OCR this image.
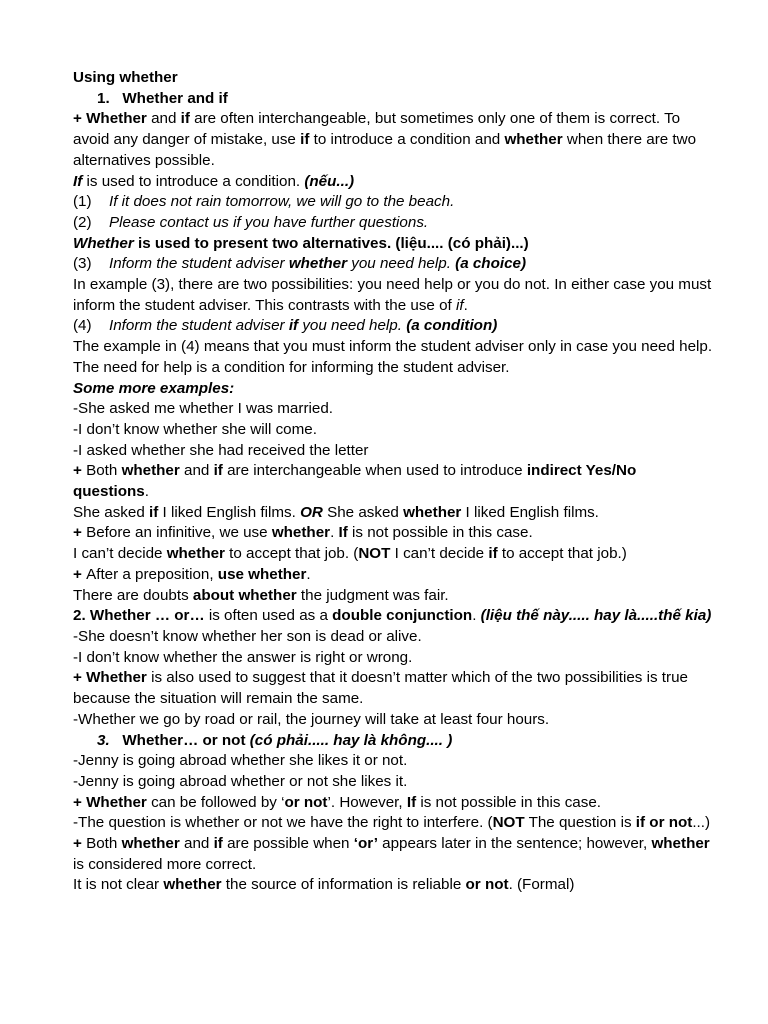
Using whether
1. Whether and if
+ Whether and if are often interchangeable, but sometimes only one of them is correct. To avoid any danger of mistake, use if to introduce a condition and whether when there are two alternatives possible.
If is used to introduce a condition. (nếu...)
(1)	If it does not rain tomorrow, we will go to the beach.
(2)	Please contact us if you have further questions.
Whether is used to present two alternatives. (liệu.... (có phải)...)
(3)	Inform the student adviser whether you need help. (a choice)
In example (3), there are two possibilities: you need help or you do not. In either case you must inform the student adviser. This contrasts with the use of if.
(4)	Inform the student adviser if you need help. (a condition)
The example in (4) means that you must inform the student adviser only in case you need help. The need for help is a condition for informing the student adviser.
Some more examples:
-She asked me whether I was married.
-I don’t know whether she will come.
-I asked whether she had received the letter
+ Both whether and if are interchangeable when used to introduce indirect Yes/No questions.
She asked if I liked English films. OR She asked whether I liked English films.
+ Before an infinitive, we use whether. If is not possible in this case.
I can’t decide whether to accept that job. (NOT I can’t decide if to accept that job.)
+ After a preposition, use whether.
There are doubts about whether the judgment was fair.
2. Whether … or… is often used as a double conjunction. (liệu thế này..... hay là.....thế kia)
-She doesn’t know whether her son is dead or alive.
-I don’t know whether the answer is right or wrong.
+ Whether is also used to suggest that it doesn’t matter which of the two possibilities is true because the situation will remain the same.
-Whether we go by road or rail, the journey will take at least four hours.
3. Whether… or not (có phải..... hay là không.... )
-Jenny is going abroad whether she likes it or not.
-Jenny is going abroad whether or not she likes it.
+ Whether can be followed by ‘or not’. However, If is not possible in this case.
-The question is whether or not we have the right to interfere. (NOT The question is if or not...)
+ Both whether and if are possible when ‘or’ appears later in the sentence; however, whether is considered more correct.
It is not clear whether the source of information is reliable or not. (Formal)
